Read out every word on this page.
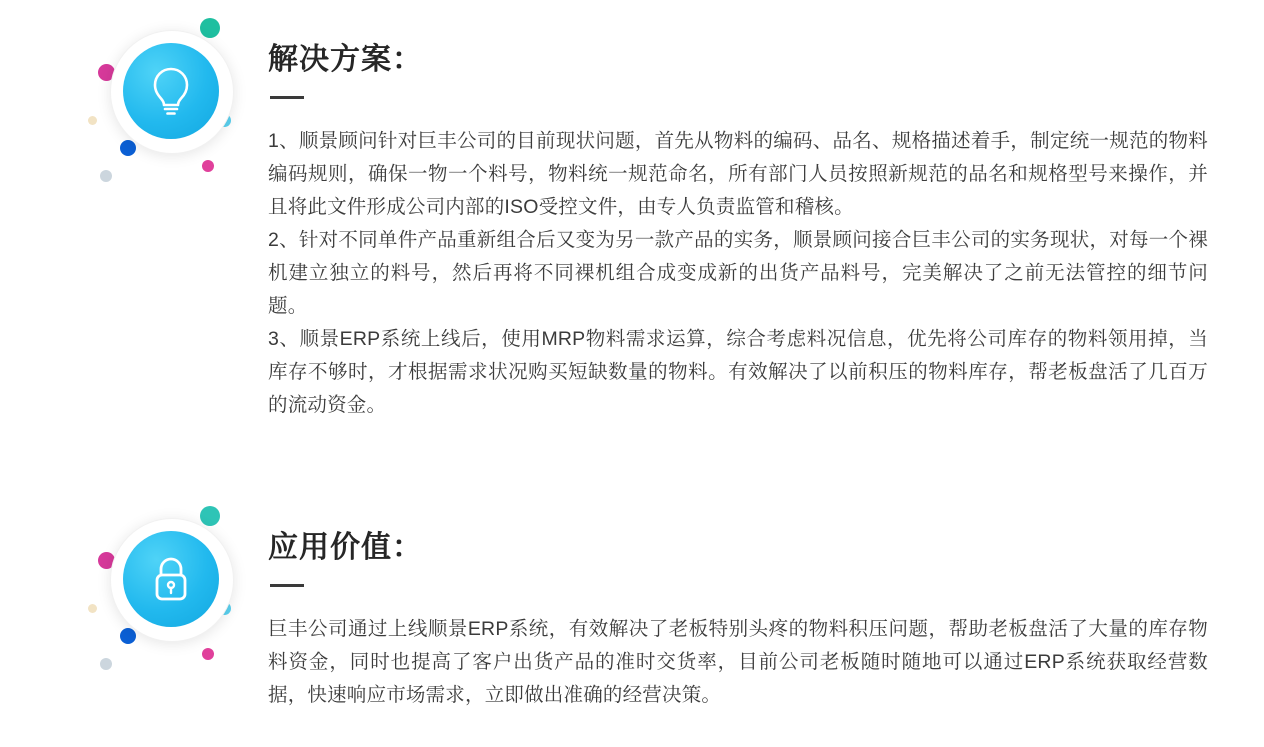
解决方案：

1、顺景顾问针对巨丰公司的目前现状问题，首先从物料的编码、品名、规格描述着手，制定统一规范的物料编码规则，确保一物一个料号，物料统一规范命名，所有部门人员按照新规范的品名和规格型号来操作，并且将此文件形成公司内部的ISO受控文件，由专人负责监管和稽核。

2、针对不同单件产品重新组合后又变为另一款产品的实务，顺景顾问接合巨丰公司的实务现状，对每一个裸机建立独立的料号，然后再将不同裸机组合成变成新的出货产品料号，完美解决了之前无法管控的细节问题。

3、顺景ERP系统上线后，使用MRP物料需求运算，综合考虑料况信息，优先将公司库存的物料领用掉，当库存不够时，才根据需求状况购买短缺数量的物料。有效解决了以前积压的物料库存，帮老板盘活了几百万的流动资金。

应用价值：

巨丰公司通过上线顺景ERP系统，有效解决了老板特别头疼的物料积压问题，帮助老板盘活了大量的库存物料资金，同时也提高了客户出货产品的准时交货率，目前公司老板随时随地可以通过ERP系统获取经营数据，快速响应市场需求，立即做出准确的经营决策。
